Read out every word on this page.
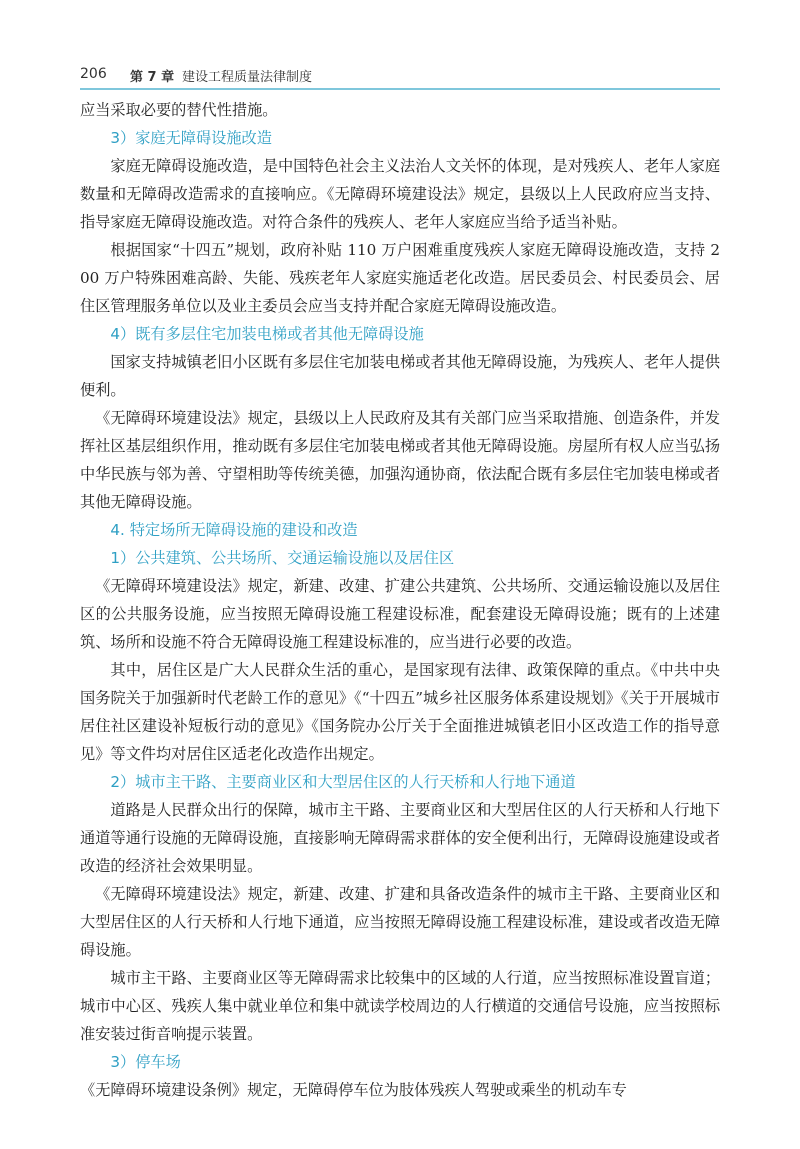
206 第 7 章 建设工程质量法律制度

应当采取必要的替代性措施。

3）家庭无障碍设施改造

家庭无障碍设施改造，是中国特色社会主义法治人文关怀的体现，是对残疾人、老年人家庭数量和无障碍改造需求的直接响应。《无障碍环境建设法》规定，县级以上人民政府应当支持、指导家庭无障碍设施改造。对符合条件的残疾人、老年人家庭应当给予适当补贴。

根据国家“十四五”规划，政府补贴 110 万户困难重度残疾人家庭无障碍设施改造，支持 200 万户特殊困难高龄、失能、残疾老年人家庭实施适老化改造。居民委员会、村民委员会、居住区管理服务单位以及业主委员会应当支持并配合家庭无障碍设施改造。

4）既有多层住宅加装电梯或者其他无障碍设施

国家支持城镇老旧小区既有多层住宅加装电梯或者其他无障碍设施，为残疾人、老年人提供便利。

《无障碍环境建设法》规定，县级以上人民政府及其有关部门应当采取措施、创造条件，并发挥社区基层组织作用，推动既有多层住宅加装电梯或者其他无障碍设施。房屋所有权人应当弘扬中华民族与邻为善、守望相助等传统美德，加强沟通协商，依法配合既有多层住宅加装电梯或者其他无障碍设施。

4. 特定场所无障碍设施的建设和改造
1）公共建筑、公共场所、交通运输设施以及居住区

《无障碍环境建设法》规定，新建、改建、扩建公共建筑、公共场所、交通运输设施以及居住区的公共服务设施，应当按照无障碍设施工程建设标准，配套建设无障碍设施；既有的上述建筑、场所和设施不符合无障碍设施工程建设标准的，应当进行必要的改造。

其中，居住区是广大人民群众生活的重心，是国家现有法律、政策保障的重点。《中共中央 国务院关于加强新时代老龄工作的意见》《“十四五”城乡社区服务体系建设规划》《关于开展城市居住社区建设补短板行动的意见》《国务院办公厅关于全面推进城镇老旧小区改造工作的指导意见》等文件均对居住区适老化改造作出规定。

2）城市主干路、主要商业区和大型居住区的人行天桥和人行地下通道

道路是人民群众出行的保障，城市主干路、主要商业区和大型居住区的人行天桥和人行地下通道等通行设施的无障碍设施，直接影响无障碍需求群体的安全便利出行，无障碍设施建设或者改造的经济社会效果明显。

《无障碍环境建设法》规定，新建、改建、扩建和具备改造条件的城市主干路、主要商业区和大型居住区的人行天桥和人行地下通道，应当按照无障碍设施工程建设标准，建设或者改造无障碍设施。

城市主干路、主要商业区等无障碍需求比较集中的区域的人行道，应当按照标准设置盲道；城市中心区、残疾人集中就业单位和集中就读学校周边的人行横道的交通信号设施，应当按照标准安装过街音响提示装置。

3）停车场

《无障碍环境建设条例》规定，无障碍停车位为肢体残疾人驾驶或乘坐的机动车专
